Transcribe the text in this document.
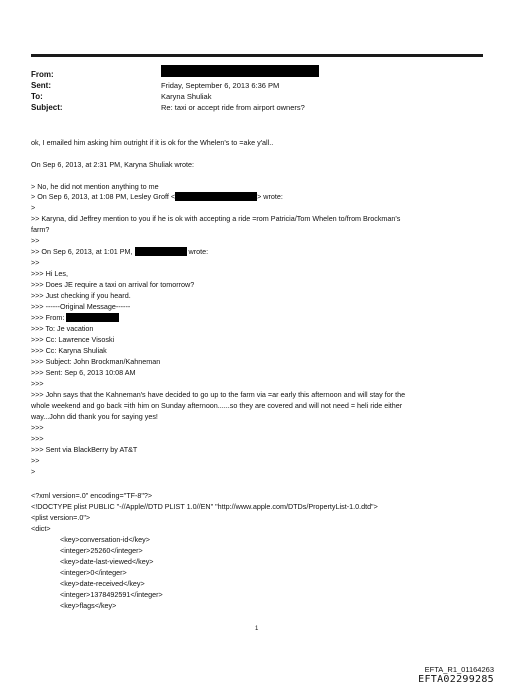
From:
Sent:
To:
Subject:
Friday, September 6, 2013 6:36 PM
Karyna Shuliak
Re: taxi or accept ride from airport owners?
ok, I emailed him asking him outright if it is ok for the Whelen's to =ake y'all..
On Sep 6, 2013, at 2:31 PM, Karyna Shuliak wrote:
> No, he did not mention anything to me
> On Sep 6, 2013, at 1:08 PM, Lesley Groff <	> wrote:
>
>> Karyna, did Jeffrey mention to you if he is ok with accepting a ride =rom Patricia/Tom Whelen to/from Brockman's
farm?
>>
>> On Sep 6, 2013, at 1:01 PM,	wrote:
>>
>>> Hi Les,
>>> Does JE require a taxi on arrival for tomorrow?
>>> Just checking if you heard.
>>> ------Original Message------
>>> From:
>>> To: Je vacation
>>> Cc: Lawrence Visoski
>>> Cc: Karyna Shuliak
>>> Subject: John Brockman/Kahneman
>>> Sent: Sep 6, 2013 10:08 AM
>>>
>>> John says that the Kahneman's have decided to go up to the farm via =ar early this afternoon and will stay for the
whole weekend and go back =ith him on Sunday afternoon......so they are covered and will not need = heli ride either
way...John did thank you for saying yes!
>>>
>>>
>>> Sent via BlackBerry by AT&T
>>
>
<?xml version=.0" encoding="TF-8"?>
<!DOCTYPE plist PUBLIC "-//Apple//DTD PLIST 1.0//EN" "http://www.apple.com/DTDs/PropertyList-1.0.dtd">
<plist version=.0">
<dict>
<key>conversation-id</key>
<integer>25260</integer>
<key>date-last-viewed</key>
<integer>0</integer>
<key>date-received</key>
<integer>1378492591</integer>
<key>flags</key>
1
EFTA_R1_01164263
EFTA02299285
